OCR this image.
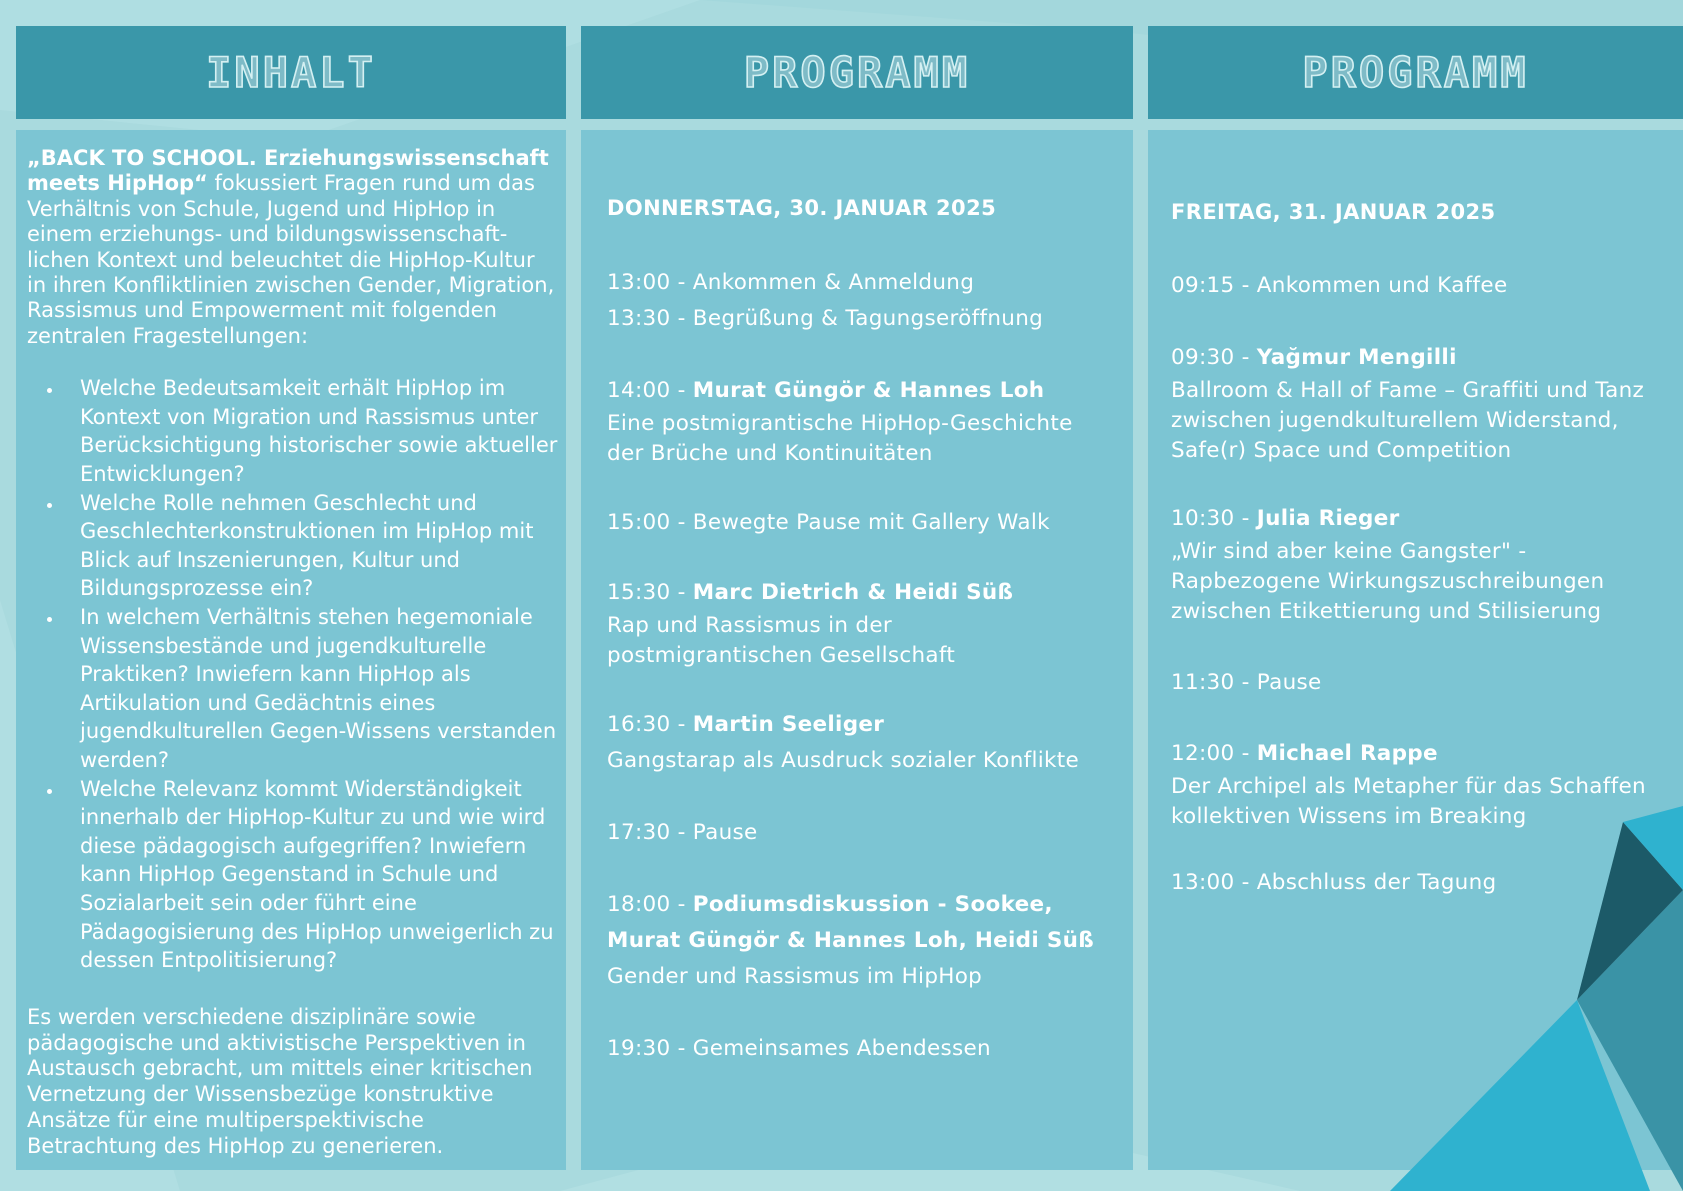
INHALT	PROGRAMM	PROGRAMM

„BACK TO SCHOOL. Erziehungswissenschaft meets HipHop“ fokussiert Fragen rund um das Verhältnis von Schule, Jugend und HipHop in einem erziehungs- und bildungswissenschaft-lichen Kontext und beleuchtet die HipHop-Kultur in ihren Konfliktlinien zwischen Gender, Migration, Rassismus und Empowerment mit folgenden zentralen Fragestellungen:

• Welche Bedeutsamkeit erhält HipHop im Kontext von Migration und Rassismus unter Berücksichtigung historischer sowie aktueller Entwicklungen?
• Welche Rolle nehmen Geschlecht und Geschlechterkonstruktionen im HipHop mit Blick auf Inszenierungen, Kultur und Bildungsprozesse ein?
• In welchem Verhältnis stehen hegemoniale Wissensbestände und jugendkulturelle Praktiken? Inwiefern kann HipHop als Artikulation und Gedächtnis eines jugendkulturellen Gegen-Wissens verstanden werden?
• Welche Relevanz kommt Widerständigkeit innerhalb der HipHop-Kultur zu und wie wird diese pädagogisch aufgegriffen? Inwiefern kann HipHop Gegenstand in Schule und Sozialarbeit sein oder führt eine Pädagogisierung des HipHop unweigerlich zu dessen Entpolitisierung?

Es werden verschiedene disziplinäre sowie pädagogische und aktivistische Perspektiven in Austausch gebracht, um mittels einer kritischen Vernetzung der Wissensbezüge konstruktive Ansätze für eine multiperspektivische Betrachtung des HipHop zu generieren.

DONNERSTAG, 30. JANUAR 2025
13:00 - Ankommen & Anmeldung
13:30 - Begrüßung & Tagungseröffnung
14:00 - Murat Güngör & Hannes Loh
Eine postmigrantische HipHop-Geschichte der Brüche und Kontinuitäten
15:00 - Bewegte Pause mit Gallery Walk
15:30 - Marc Dietrich & Heidi Süß
Rap und Rassismus in der postmigrantischen Gesellschaft
16:30 - Martin Seeliger
Gangstarap als Ausdruck sozialer Konflikte
17:30 - Pause
18:00 - Podiumsdiskussion - Sookee,
Murat Güngör & Hannes Loh, Heidi Süß
Gender und Rassismus im HipHop
19:30 - Gemeinsames Abendessen
FREITAG, 31. JANUAR 2025
09:15 - Ankommen und Kaffee
09:30 - Yağmur Mengilli
Ballroom & Hall of Fame – Graffiti und Tanz zwischen jugendkulturellem Widerstand, Safe(r) Space und Competition
10:30 - Julia Rieger
„Wir sind aber keine Gangster" - Rapbezogene Wirkungszuschreibungen zwischen Etikettierung und Stilisierung
11:30 - Pause
12:00 - Michael Rappe
Der Archipel als Metapher für das Schaffen kollektiven Wissens im Breaking
13:00 - Abschluss der Tagung
